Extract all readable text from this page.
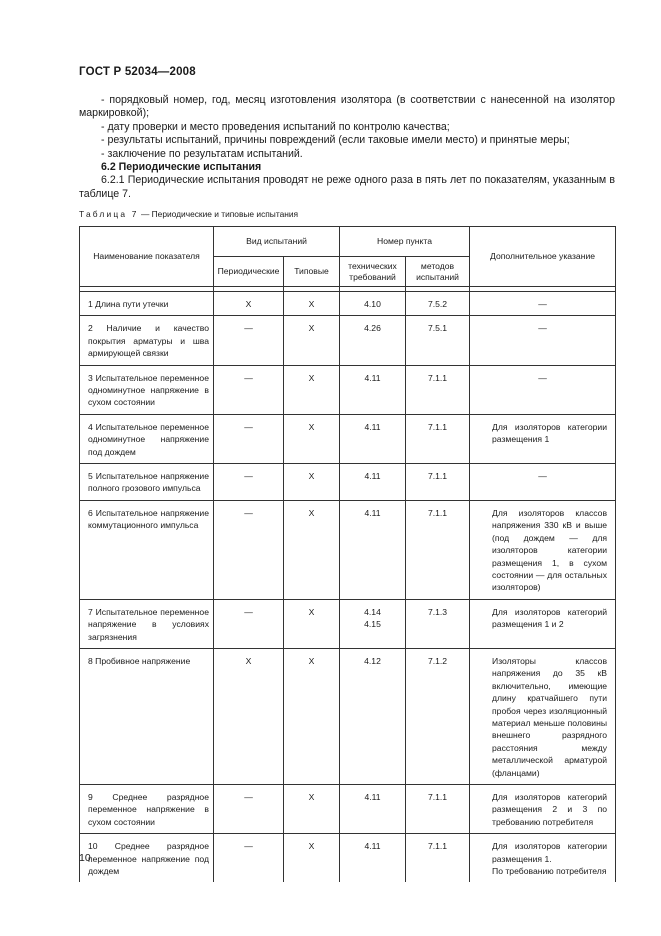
ГОСТ Р 52034—2008

- порядковый номер, год, месяц изготовления изолятора (в соответствии с нанесенной на изолятор маркировкой);

- дату проверки и место проведения испытаний по контролю качества;

- результаты испытаний, причины повреждений (если таковые имели место) и принятые меры;

- заключение по результатам испытаний.

6.2 Периодические испытания

6.2.1 Периодические испытания проводят не реже одного раза в пять лет по показателям, указанным в таблице 7.

Таблица 7 — Периодические и типовые испытания
Наименование показателя	Вид испытаний		Номер пункта		Дополнительное указание
	Периодические	Типовые	технических требований	методов испытаний	

1 Длина пути утечки	Х	Х	4.10	7.5.2	—
2 Наличие и качество покрытия арматуры и шва армирующей связки	—	Х	4.26	7.5.1	—
3 Испытательное переменное одноминутное напряжение в сухом состоянии	—	Х	4.11	7.1.1	—
4 Испытательное переменное одноминутное напряжение под дождем	—	Х	4.11	7.1.1	Для изоляторов категории размещения 1
5 Испытательное напряжение полного грозового импульса	—	Х	4.11	7.1.1	—
6 Испытательное напряжение коммутационного импульса	—	Х	4.11	7.1.1	Для изоляторов классов напряжения 330 кВ и выше (под дождем — для изоляторов категории размещения 1, в сухом состоянии — для остальных изоляторов)
7 Испытательное переменное напряжение в условиях загрязнения	—	Х	4.14
4.15	7.1.3	Для изоляторов категорий размещения 1 и 2
8 Пробивное напряжение	Х	Х	4.12	7.1.2	Изоляторы классов напряжения до 35 кВ включительно, имеющие длину кратчайшего пути пробоя через изоляционный материал меньше половины внешнего разрядного расстояния между металлической арматурой (фланцами)
9 Среднее разрядное переменное напряжение в сухом состоянии	—	Х	4.11	7.1.1	Для изоляторов категорий размещения 2 и 3 по требованию потребителя
10 Среднее разрядное переменное напряжение под дождем	—	Х	4.11	7.1.1	Для изоляторов категории размещения 1.
По требованию потребителя
10
